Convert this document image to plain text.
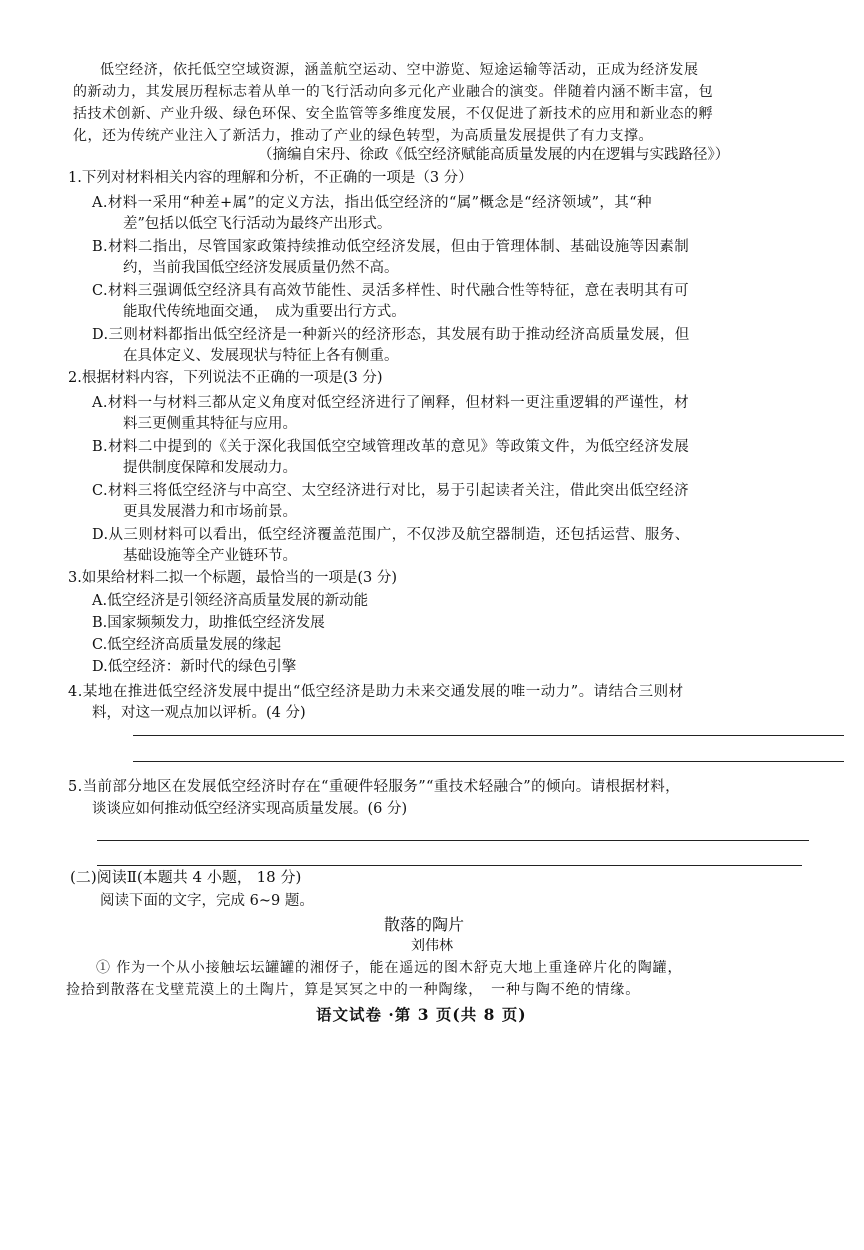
低空经济，依托低空空域资源，涵盖航空运动、空中游览、短途运输等活动，正成为经济发展
的新动力，其发展历程标志着从单一的飞行活动向多元化产业融合的演变。伴随着内涵不断丰富，包
括技术创新、产业升级、绿色环保、安全监管等多维度发展，不仅促进了新技术的应用和新业态的孵
化，还为传统产业注入了新活力，推动了产业的绿色转型，为高质量发展提供了有力支撑。
（摘编自宋丹、徐政《低空经济赋能高质量发展的内在逻辑与实践路径》）
1.下列对材料相关内容的理解和分析，不正确的一项是（3 分）
A.材料一采用“种差+属”的定义方法，指出低空经济的“属”概念是“经济领域”，其“种
差”包括以低空飞行活动为最终产出形式。
B.材料二指出，尽管国家政策持续推动低空经济发展，但由于管理体制、基础设施等因素制
约，当前我国低空经济发展质量仍然不高。
C.材料三强调低空经济具有高效节能性、灵活多样性、时代融合性等特征，意在表明其有可
能取代传统地面交通，　成为重要出行方式。
D.三则材料都指出低空经济是一种新兴的经济形态，其发展有助于推动经济高质量发展，但
在具体定义、发展现状与特征上各有侧重。
2.根据材料内容，下列说法不正确的一项是(3 分)
A.材料一与材料三都从定义角度对低空经济进行了阐释，但材料一更注重逻辑的严谨性，材
料三更侧重其特征与应用。
B.材料二中提到的《关于深化我国低空空域管理改革的意见》等政策文件，为低空经济发展
提供制度保障和发展动力。
C.材料三将低空经济与中高空、太空经济进行对比，易于引起读者关注，借此突出低空经济
更具发展潜力和市场前景。
D.从三则材料可以看出，低空经济覆盖范围广，不仅涉及航空器制造，还包括运营、服务、
基础设施等全产业链环节。
3.如果给材料二拟一个标题，最恰当的一项是(3 分)
A.低空经济是引领经济高质量发展的新动能
B.国家频频发力，助推低空经济发展
C.低空经济高质量发展的缘起
D.低空经济：新时代的绿色引擎
4.某地在推进低空经济发展中提出“低空经济是助力未来交通发展的唯一动力”。请结合三则材
料，对这一观点加以评析。(4 分)
5.当前部分地区在发展低空经济时存在“重硬件轻服务”“重技术轻融合”的倾向。请根据材料，
谈谈应如何推动低空经济实现高质量发展。(6 分)
(二)阅读Ⅱ(本题共 4 小题， 18 分)
阅读下面的文字，完成 6~9 题。
散落的陶片
刘伟林
① 作为一个从小接触坛坛罐罐的湘伢子，能在遥远的图木舒克大地上重逢碎片化的陶罐，
捡拾到散落在戈壁荒漠上的土陶片，算是冥冥之中的一种陶缘，　一种与陶不绝的情缘。
语文试卷 ·第 3 页(共 8 页)
